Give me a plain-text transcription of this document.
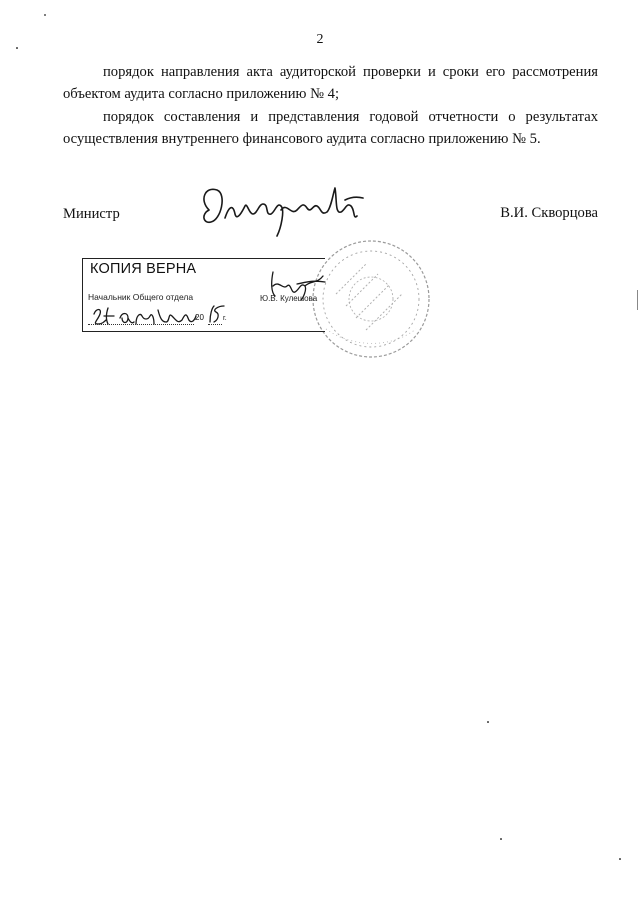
2

порядок направления акта аудиторской проверки и сроки его рассмотрения объектом аудита согласно приложению № 4;

порядок составления и представления годовой отчетности о результатах осуществления внутреннего финансового аудита согласно приложению № 5.

Министр	В.И. Скворцова
КОПИЯ ВЕРНА
Начальник Общего отдела	Ю.В. Кулешова
20	г.
